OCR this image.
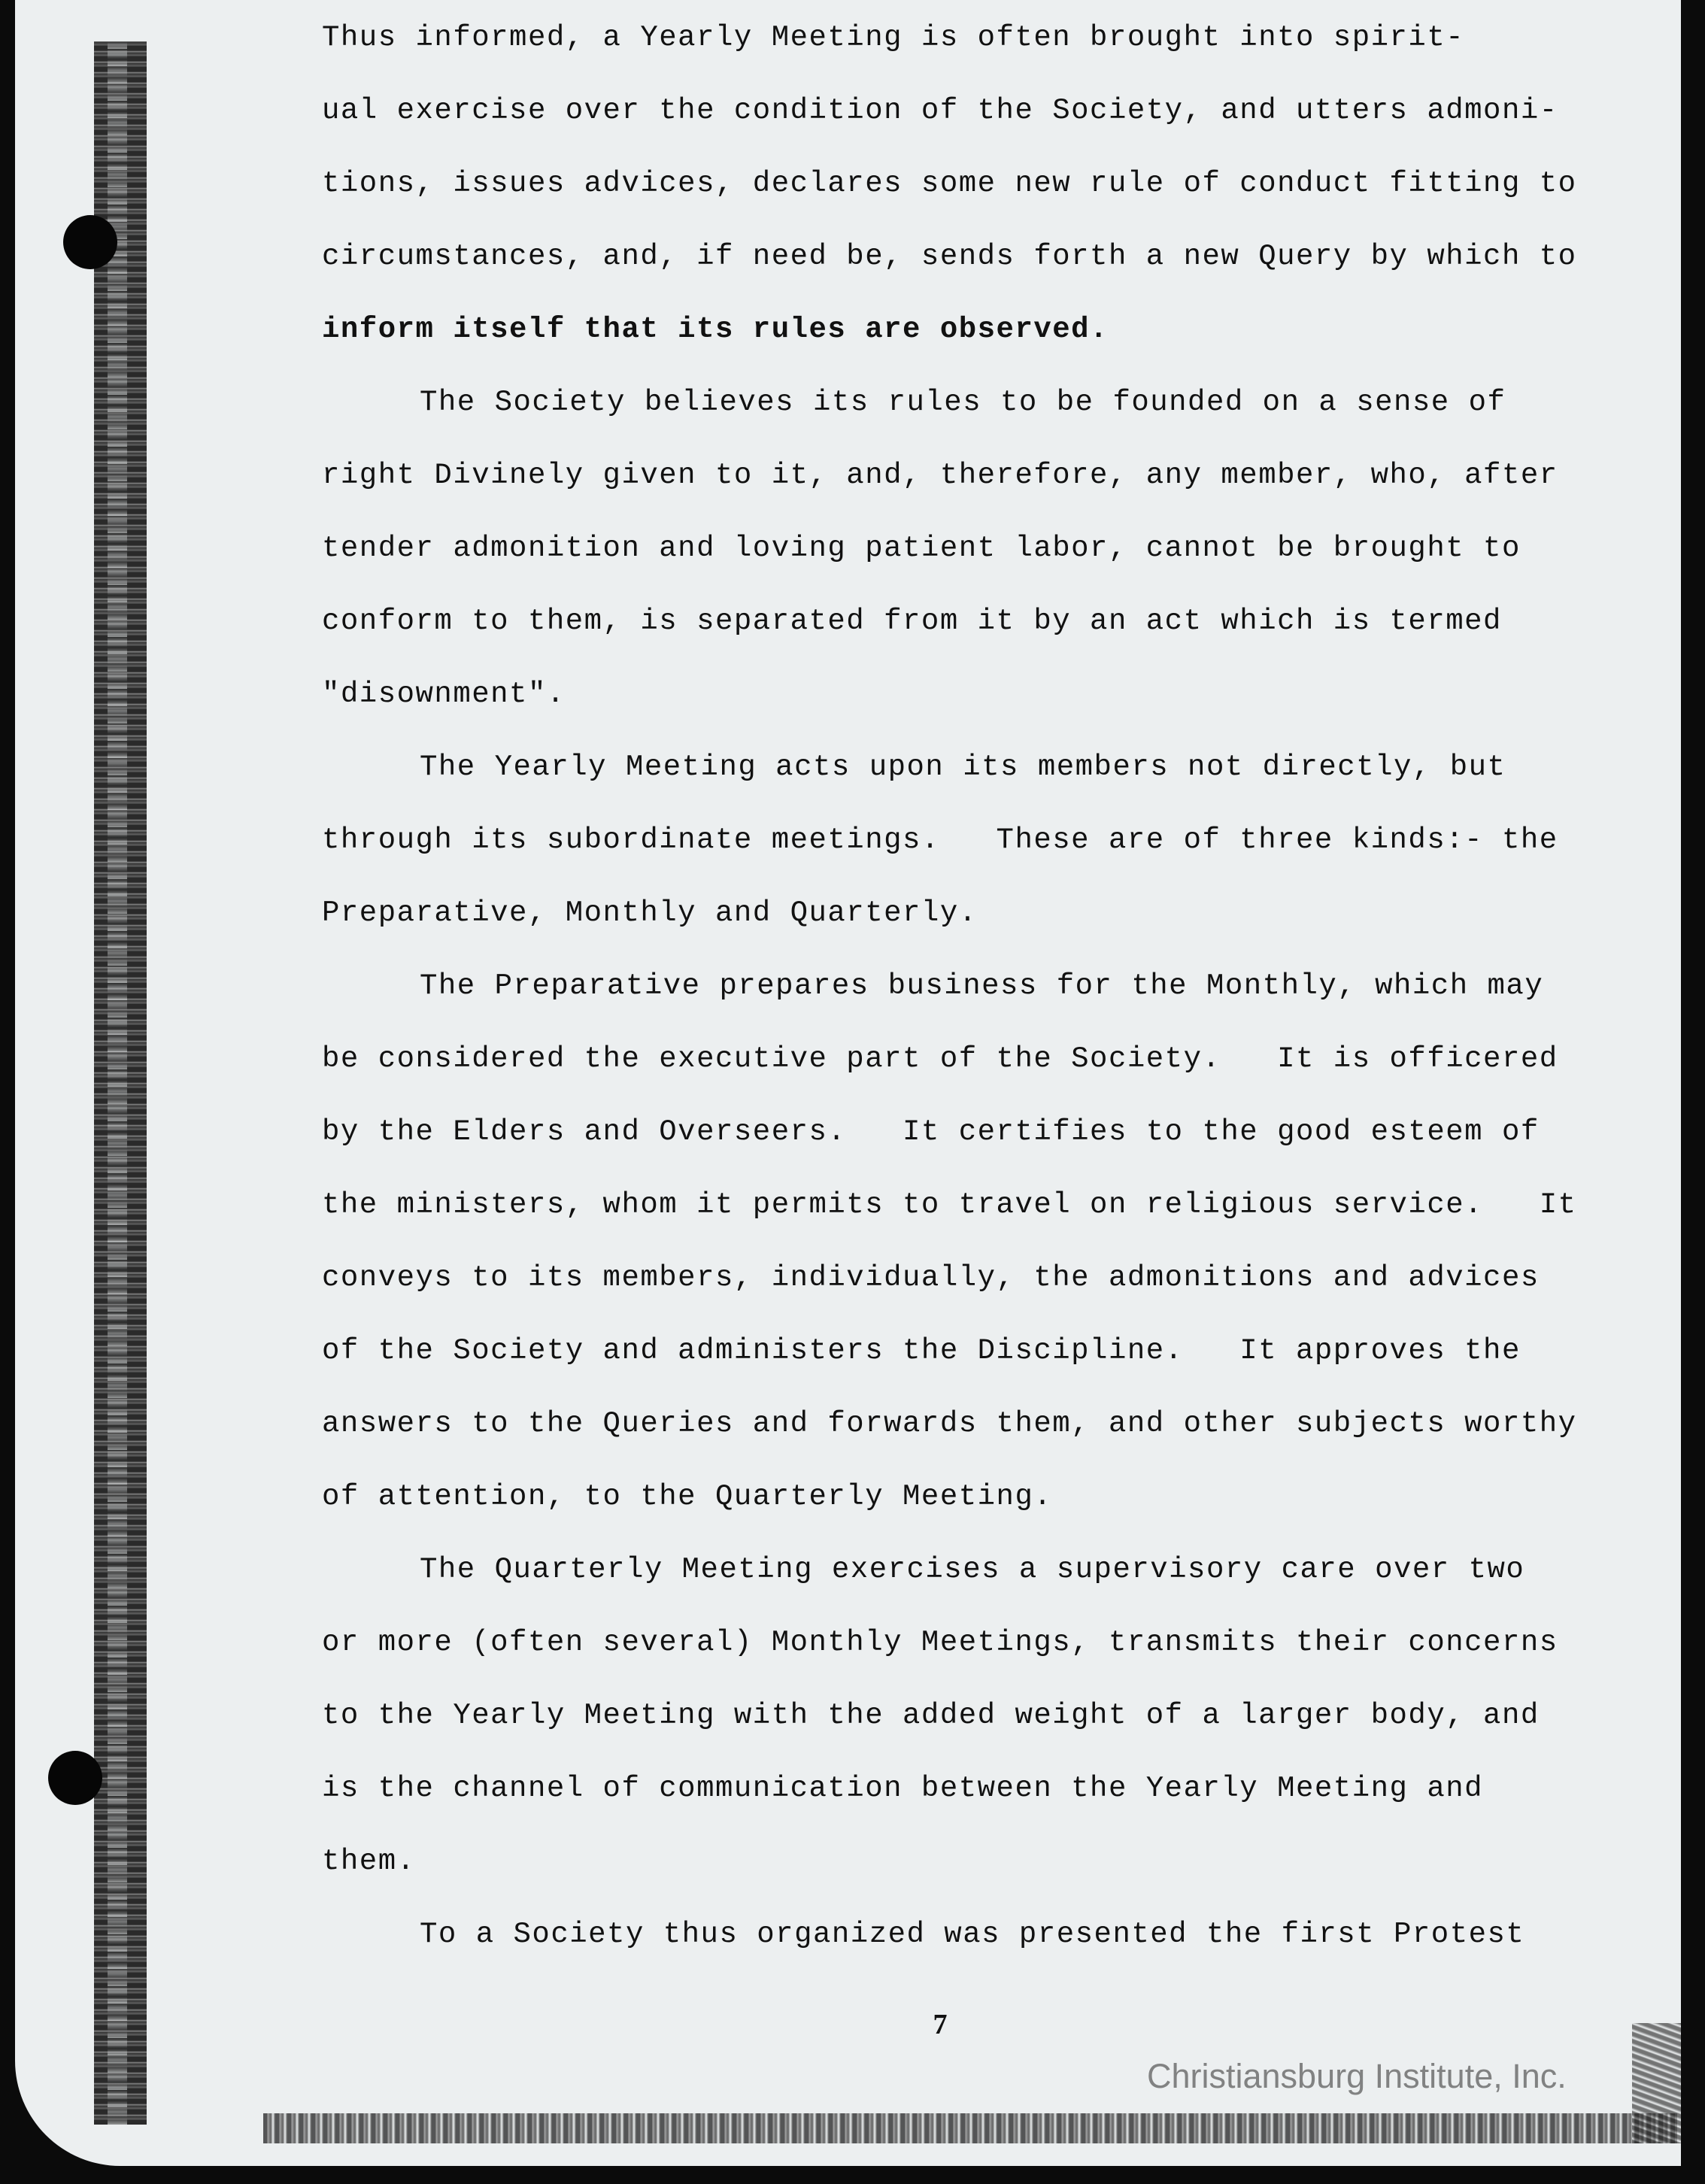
Thus informed, a Yearly Meeting is often brought into spirit-
ual exercise over the condition of the Society, and utters admoni-
tions, issues advices, declares some new rule of conduct fitting to
circumstances, and, if need be, sends forth a new Query by which to
inform itself that its rules are observed.
The Society believes its rules to be founded on a sense of
right Divinely given to it, and, therefore, any member, who, after
tender admonition and loving patient labor, cannot be brought to
conform to them, is separated from it by an act which is termed
"disownment".
The Yearly Meeting acts upon its members not directly, but
through its subordinate meetings.   These are of three kinds:- the
Preparative, Monthly and Quarterly.
The Preparative prepares business for the Monthly, which may
be considered the executive part of the Society.   It is officered
by the Elders and Overseers.   It certifies to the good esteem of
the ministers, whom it permits to travel on religious service.   It
conveys to its members, individually, the admonitions and advices
of the Society and administers the Discipline.   It approves the
answers to the Queries and forwards them, and other subjects worthy
of attention, to the Quarterly Meeting.
The Quarterly Meeting exercises a supervisory care over two
or more (often several) Monthly Meetings, transmits their concerns
to the Yearly Meeting with the added weight of a larger body, and
is the channel of communication between the Yearly Meeting and
them.
To a Society thus organized was presented the first Protest
7
Christiansburg Institute, Inc.
